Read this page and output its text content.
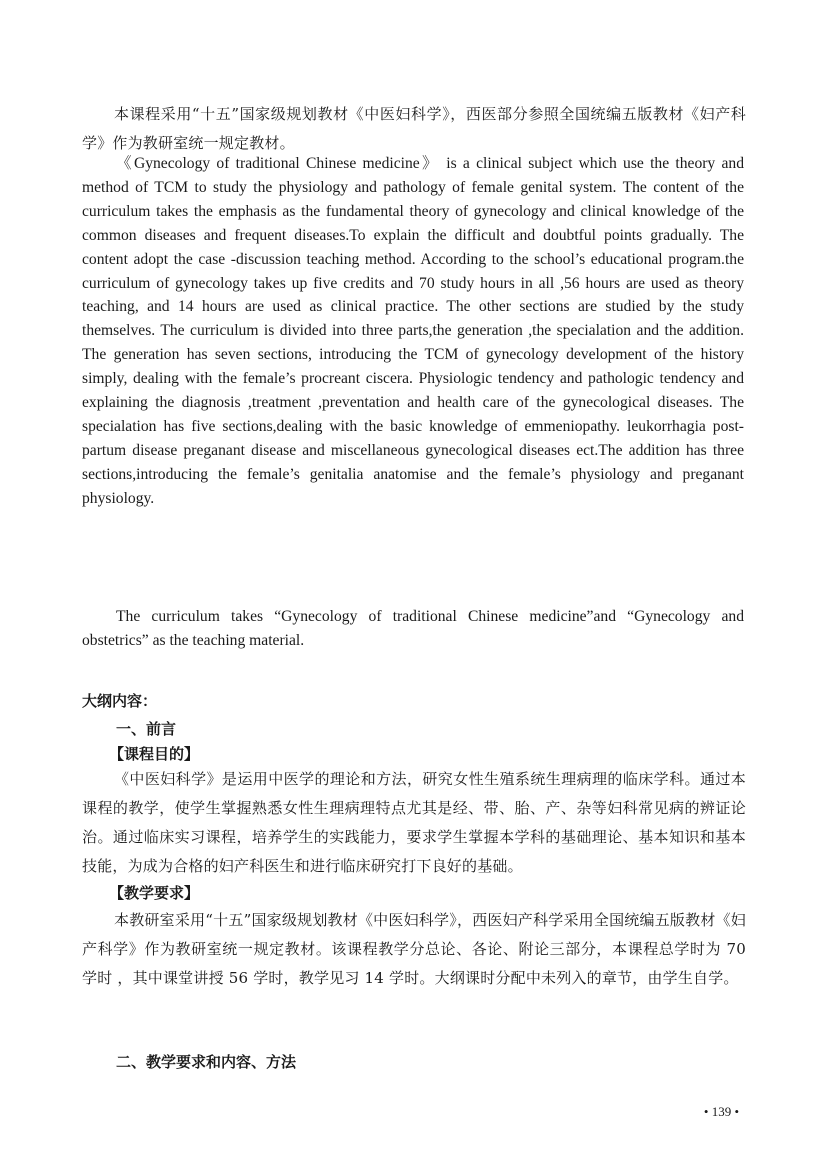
本课程采用“十五”国家级规划教材《中医妇科学》，西医部分参照全国统编五版教材《妇产科学》作为教研室统一规定教材。

《Gynecology of traditional Chinese medicine》 is a clinical subject which use the theory and method of TCM to study the physiology and pathology of female genital system. The content of the curriculum takes the emphasis as the fundamental theory of gynecology and clinical knowledge of the common diseases and frequent diseases.To explain the difficult and doubtful points gradually. The content adopt the case -discussion teaching method. According to the school’s educational program.the curriculum of gynecology takes up five credits and 70 study hours in all ,56 hours are used as theory teaching, and 14 hours are used as clinical practice. The other sections are studied by the study themselves. The curriculum is divided into three parts,the generation ,the specialation and the addition. The generation has seven sections, introducing the TCM of gynecology development of the history simply, dealing with the female’s procreant ciscera. Physiologic tendency and pathologic tendency and explaining the diagnosis ,treatment ,preventation and health care of the gynecological diseases. The specialation has five sections,dealing with the basic knowledge of emmeniopathy. leukorrhagia post-partum disease preganant disease and miscellaneous gynecological diseases ect.The addition has three sections,introducing the female’s genitalia anatomise and the female’s physiology and preganant physiology.

The curriculum takes “Gynecology of traditional Chinese medicine”and “Gynecology and obstetrics” as the teaching material.

大纲内容：
一、前言
【课程目的】

《中医妇科学》是运用中医学的理论和方法，研究女性生殖系统生理病理的临床学科。通过本课程的教学，使学生掌握熟悉女性生理病理特点尤其是经、带、胎、产、杂等妇科常见病的辨证论治。通过临床实习课程，培养学生的实践能力，要求学生掌握本学科的基础理论、基本知识和基本技能，为成为合格的妇产科医生和进行临床研究打下良好的基础。

【教学要求】

本教研室采用“十五”国家级规划教材《中医妇科学》，西医妇产科学采用全国统编五版教材《妇产科学》作为教研室统一规定教材。该课程教学分总论、各论、附论三部分，本课程总学时为 70 学时 ，其中课堂讲授 56 学时，教学见习 14 学时。大纲课时分配中未列入的章节，由学生自学。

二、教学要求和内容、方法
• 139 •
